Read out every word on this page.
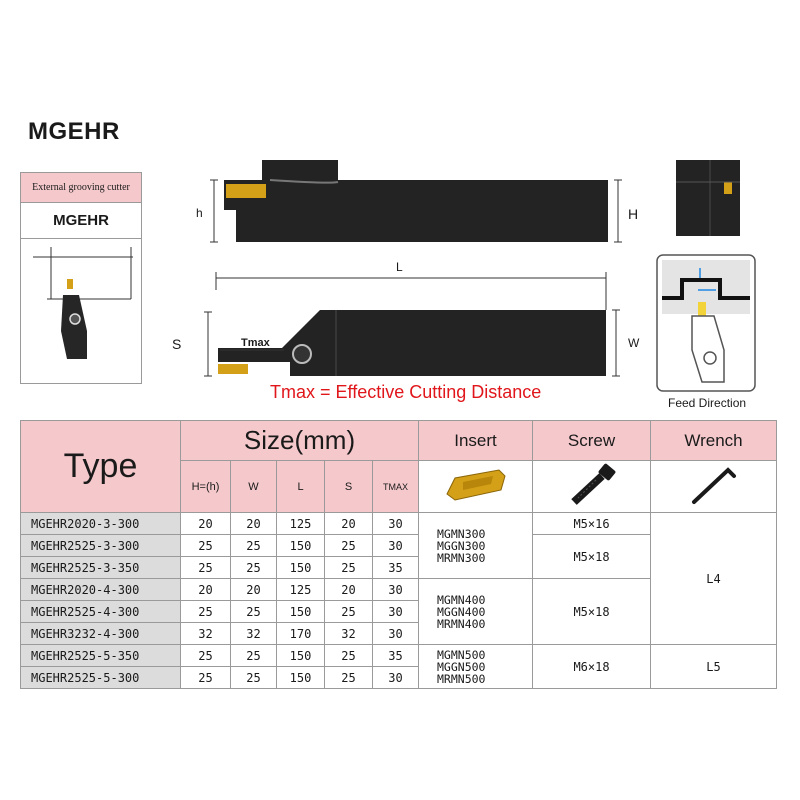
MGEHR
External grooving cutter
MGEHR	h	H
L
S	W
Tmax
Tmax = Effective Cutting Distance
Feed Direction
Type	Size(mm)					Insert	Screw	Wrench
	H=(h)	W	L	S	TMAX			
MGEHR2020-3-300	20	20	125	20	30	MGMN300
MGGN300
MRMN300	M5×16	L4
MGEHR2525-3-300	25	25	150	25	30		M5×18	
MGEHR2525-3-350	25	25	150	25	35			
MGEHR2020-4-300	20	20	125	20	30	MGMN400
MGGN400
MRMN400	M5×18	
MGEHR2525-4-300	25	25	150	25	30			
MGEHR3232-4-300	32	32	170	32	30			
MGEHR2525-5-350	25	25	150	25	35	MGMN500
MGGN500
MRMN500	M6×18	L5
MGEHR2525-5-300	25	25	150	25	30			
